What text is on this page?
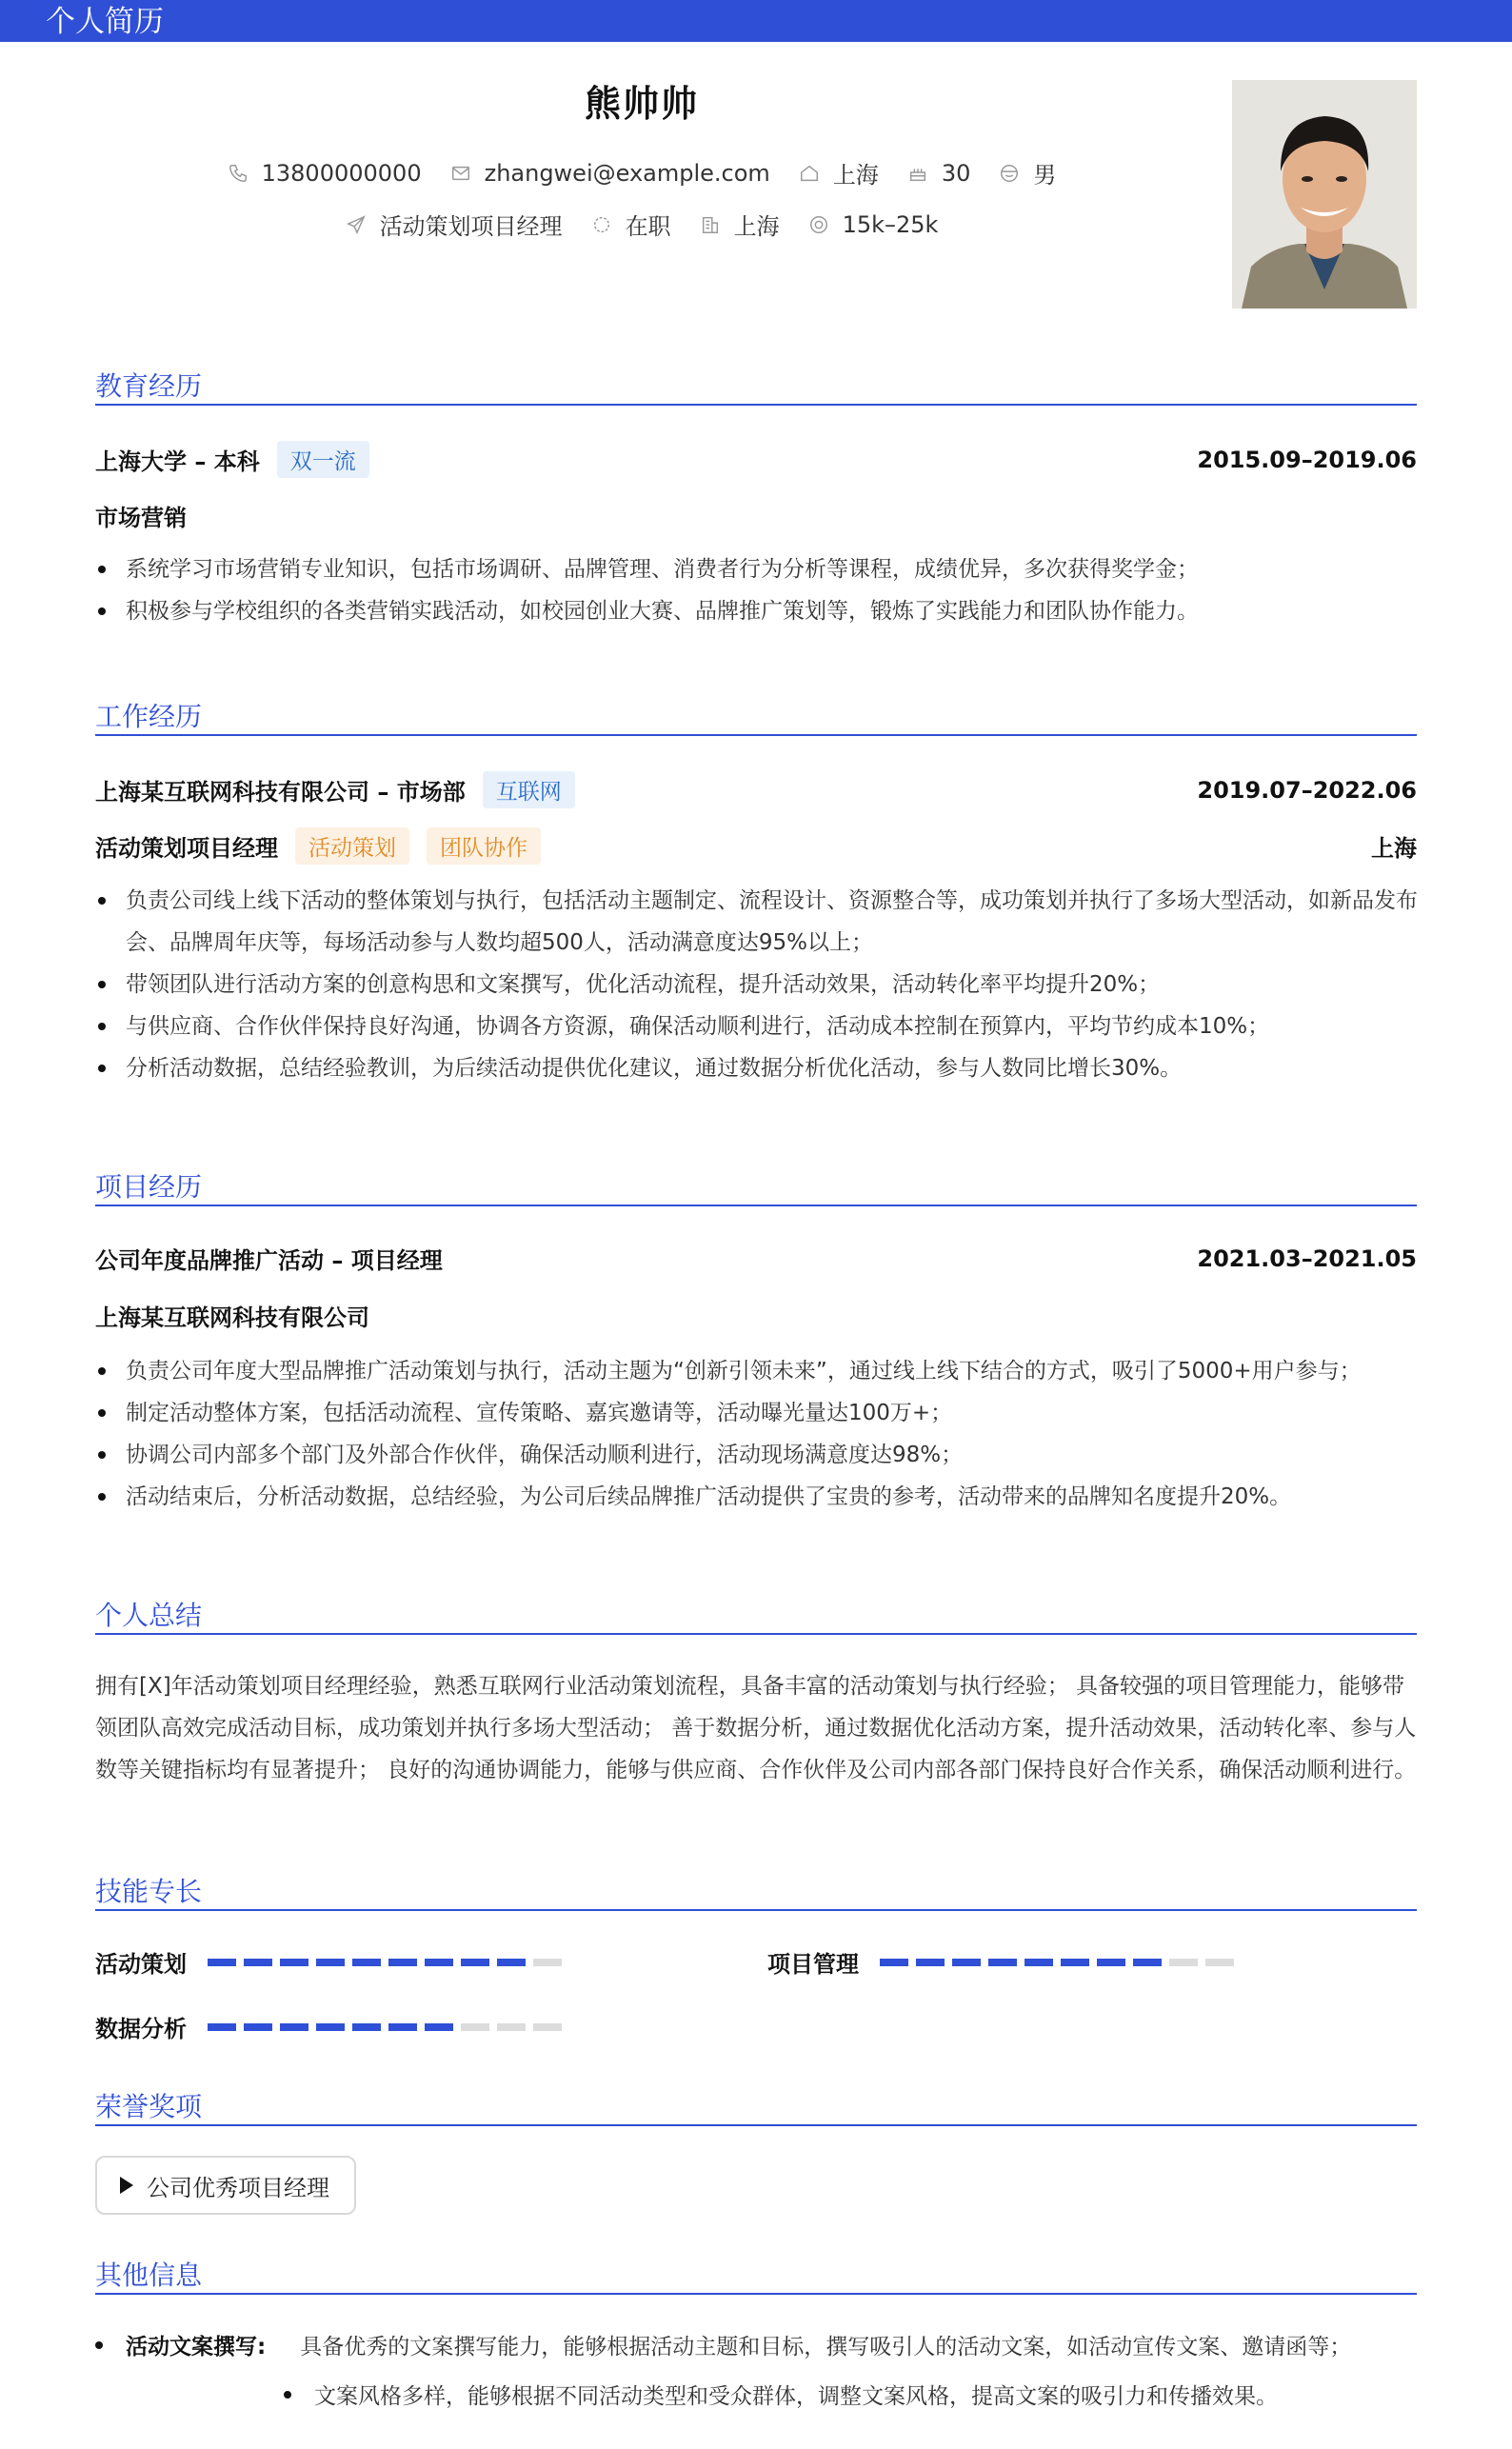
个人简历
熊帅帅
13800000000	zhangwei@example.com	上海	30	男
活动策划项目经理	在职	上海	15k–25k
教育经历
上海大学 – 本科	双一流	2015.09–2019.06
市场营销
系统学习市场营销专业知识，包括市场调研、品牌管理、消费者行为分析等课程，成绩优异，多次获得奖学金；
积极参与学校组织的各类营销实践活动，如校园创业大赛、品牌推广策划等，锻炼了实践能力和团队协作能力。
工作经历
上海某互联网科技有限公司 – 市场部	互联网	2019.07–2022.06
活动策划项目经理	活动策划	团队协作	上海
负责公司线上线下活动的整体策划与执行，包括活动主题制定、流程设计、资源整合等，成功策划并执行了多场大型活动，如新品发布会、品牌周年庆等，每场活动参与人数均超500人，活动满意度达95%以上；
带领团队进行活动方案的创意构思和文案撰写，优化活动流程，提升活动效果，活动转化率平均提升20%；
与供应商、合作伙伴保持良好沟通，协调各方资源，确保活动顺利进行，活动成本控制在预算内，平均节约成本10%；
分析活动数据，总结经验教训，为后续活动提供优化建议，通过数据分析优化活动，参与人数同比增长30%。
项目经历
公司年度品牌推广活动 – 项目经理	2021.03–2021.05
上海某互联网科技有限公司
负责公司年度大型品牌推广活动策划与执行，活动主题为“创新引领未来”，通过线上线下结合的方式，吸引了5000+用户参与；
制定活动整体方案，包括活动流程、宣传策略、嘉宾邀请等，活动曝光量达100万+；
协调公司内部多个部门及外部合作伙伴，确保活动顺利进行，活动现场满意度达98%；
活动结束后，分析活动数据，总结经验，为公司后续品牌推广活动提供了宝贵的参考，活动带来的品牌知名度提升20%。
个人总结
拥有[X]年活动策划项目经理经验，熟悉互联网行业活动策划流程，具备丰富的活动策划与执行经验； 具备较强的项目管理能力，能够带领团队高效完成活动目标，成功策划并执行多场大型活动； 善于数据分析，通过数据优化活动方案，提升活动效果，活动转化率、参与人数等关键指标均有显著提升； 良好的沟通协调能力，能够与供应商、合作伙伴及公司内部各部门保持良好合作关系，确保活动顺利进行。
技能专长
活动策划	项目管理
数据分析
荣誉奖项
公司优秀项目经理
其他信息
活动文案撰写: 具备优秀的文案撰写能力，能够根据活动主题和目标，撰写吸引人的活动文案，如活动宣传文案、邀请函等；
文案风格多样，能够根据不同活动类型和受众群体，调整文案风格，提高文案的吸引力和传播效果。
